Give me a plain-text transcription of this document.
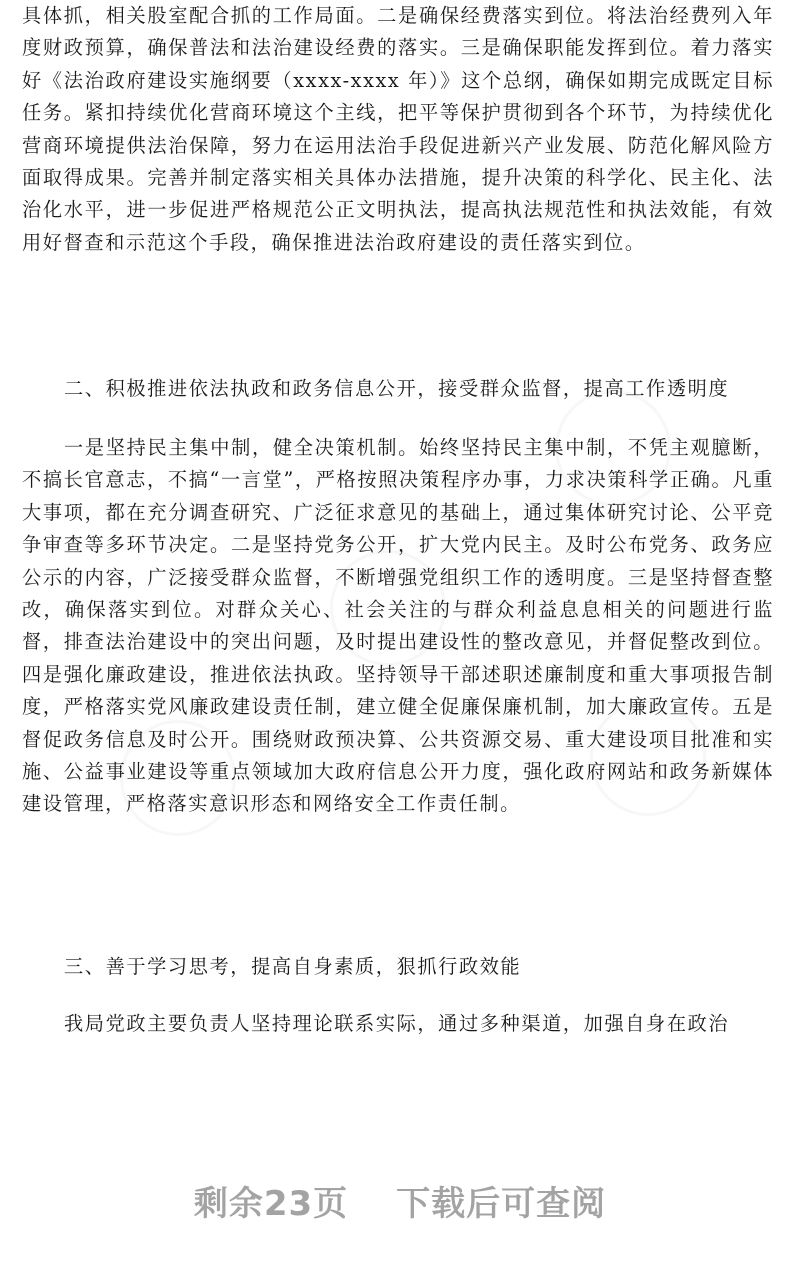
具体抓，相关股室配合抓的工作局面。二是确保经费落实到位。将法治经费列入年度财政预算，确保普法和法治建设经费的落实。三是确保职能发挥到位。着力落实好《法治政府建设实施纲要（xxxx-xxxx 年）》这个总纲，确保如期完成既定目标任务。紧扣持续优化营商环境这个主线，把平等保护贯彻到各个环节，为持续优化营商环境提供法治保障，努力在运用法治手段促进新兴产业发展、防范化解风险方面取得成果。完善并制定落实相关具体办法措施，提升决策的科学化、民主化、法治化水平，进一步促进严格规范公正文明执法，提高执法规范性和执法效能，有效用好督查和示范这个手段，确保推进法治政府建设的责任落实到位。

二、积极推进依法执政和政务信息公开，接受群众监督，提高工作透明度

一是坚持民主集中制，健全决策机制。始终坚持民主集中制，不凭主观臆断，不搞长官意志，不搞“一言堂”，严格按照决策程序办事，力求决策科学正确。凡重大事项，都在充分调查研究、广泛征求意见的基础上，通过集体研究讨论、公平竞争审查等多环节决定。二是坚持党务公开，扩大党内民主。及时公布党务、政务应公示的内容，广泛接受群众监督，不断增强党组织工作的透明度。三是坚持督查整改，确保落实到位。对群众关心、社会关注的与群众利益息息相关的问题进行监督，排查法治建设中的突出问题，及时提出建设性的整改意见，并督促整改到位。四是强化廉政建设，推进依法执政。坚持领导干部述职述廉制度和重大事项报告制度，严格落实党风廉政建设责任制，建立健全促廉保廉机制，加大廉政宣传。五是督促政务信息及时公开。围绕财政预决算、公共资源交易、重大建设项目批准和实施、公益事业建设等重点领域加大政府信息公开力度，强化政府网站和政务新媒体建设管理，严格落实意识形态和网络安全工作责任制。

三、善于学习思考，提高自身素质，狠抓行政效能

我局党政主要负责人坚持理论联系实际，通过多种渠道，加强自身在政治

剩余23页 下载后可查阅
